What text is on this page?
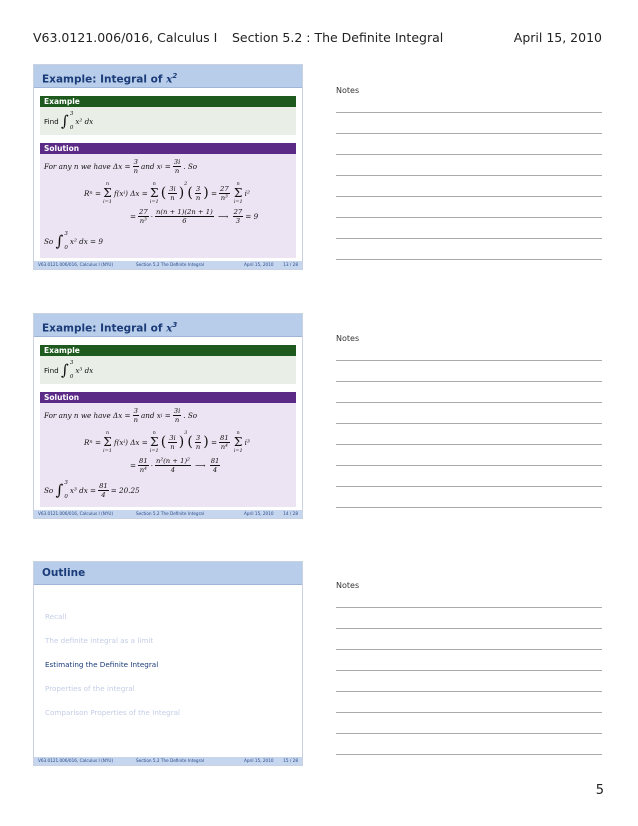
V63.0121.006/016, Calculus I Section 5.2 : The Definite Integral	April 15, 2010
Example: Integral of $x^2$
Example
Find
∫ 3
0
x² dx
Solution
For any n we have $\Delta x = \frac{3}{n}$ and x i
= $\frac{3i}{n}$ . So
R n
=
n
Σ
i=1
f(x i ) Δx =
n
Σ
i=1
( $\frac{3i}{n}$ )
$^2$
( $\frac{3}{n}$ ) = $\frac{27}{\text{n³}}$
n
Σ
i=1
i²
= $\frac{27}{\text{n³}} \cdot \frac{n(n + 1)(2n + 1)}{6}$ ⟶ $\frac{27}{3} = 9$
So
∫ 3
0
x² dx = 9
V63.0121.006/016, Calculus I (NYU)	Section 5.2 The Definite Integral	April 15, 2010 13 / 28
Example: Integral of $x^3$
Example
Find
∫ 3
0
x³ dx
Solution
For any n we have $\Delta x = \frac{3}{n}$ and x i
= $\frac{3i}{n}$ . So
R n
=
n
Σ
i=1
f(x i ) Δx =
n
Σ
i=1
( $\frac{3i}{n}$ )
$^3$
( $\frac{3}{n}$ ) = $\frac{81}{\text{n⁴}}$
n
Σ
i=1
i³
= $\frac{81}{\text{n⁴}} \cdot \frac{\text{n²(n + 1)²}}{4}$ ⟶ $\frac{81}{4}$
So
∫ 3
0
x³ dx = $\frac{81}{4} = 20.25$
V63.0121.006/016, Calculus I (NYU)	Section 5.2 The Definite Integral	April 15, 2010 14 / 28
Outline
Recall
The definite integral as a limit
Estimating the Definite Integral
Properties of the integral
Comparison Properties of the Integral
V63.0121.006/016, Calculus I (NYU)	Section 5.2 The Definite Integral	April 15, 2010 15 / 28
Notes
Notes
Notes
5
